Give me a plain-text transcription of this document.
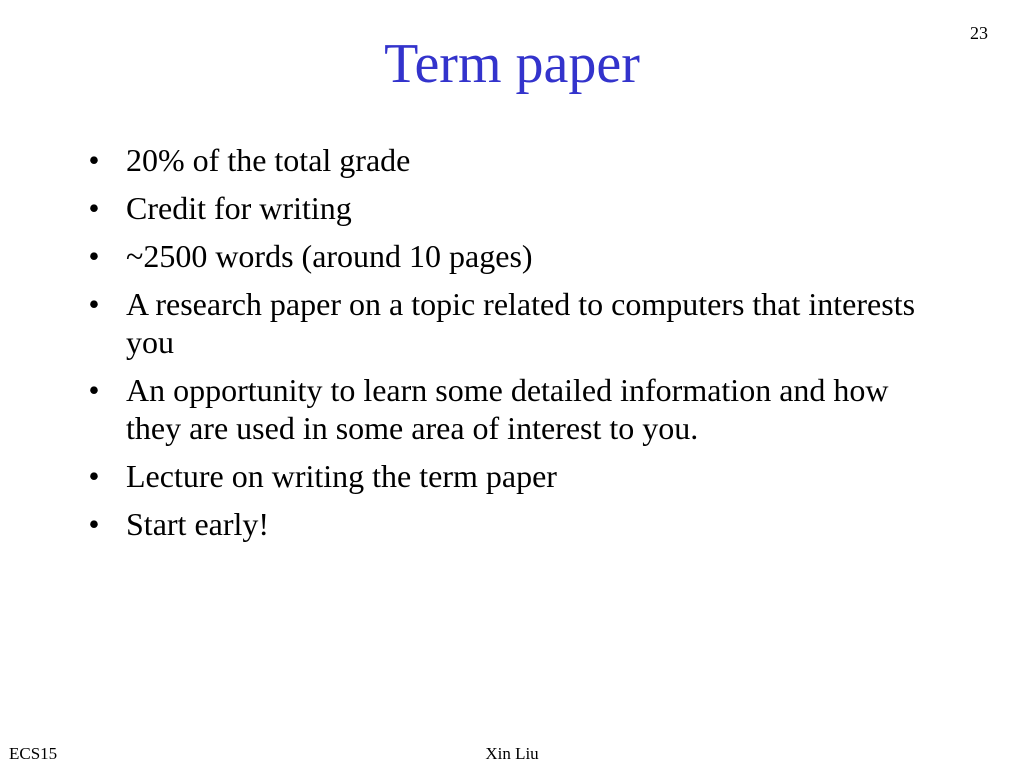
23
Term paper
• 20% of the total grade
• Credit for writing
• ~2500 words (around 10 pages)
• A research paper on a topic related to computers that interests you
• An opportunity to learn some detailed information and how they are used in some area of interest to you.
• Lecture on writing the term paper
• Start early!
ECS15	Xin Liu
